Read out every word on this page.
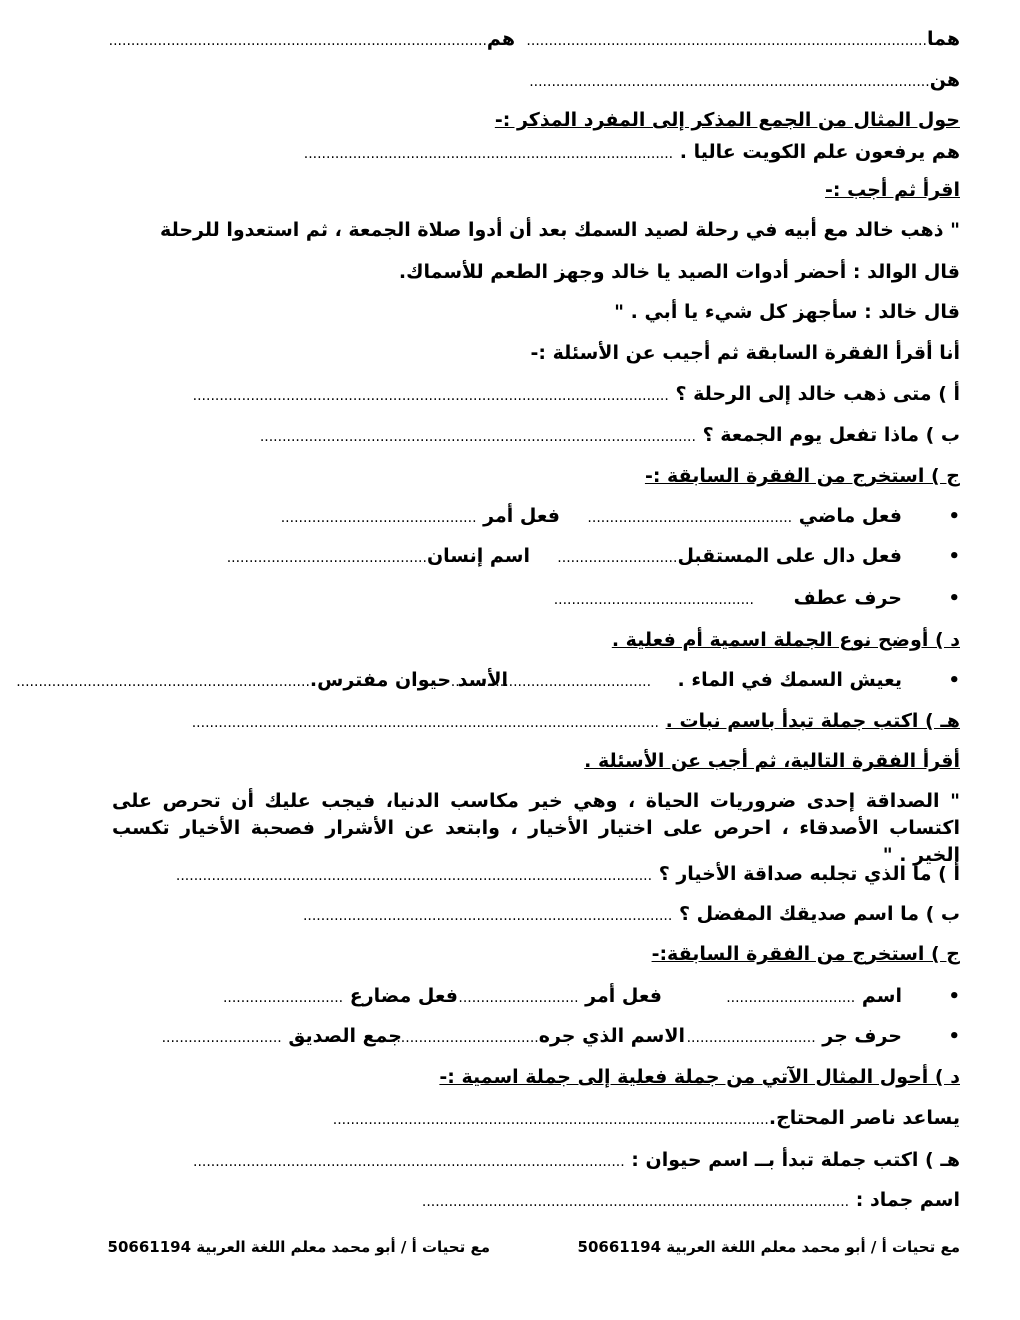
هما..........................................................................................
هم.....................................................................................
هن..........................................................................................
حول المثال من الجمع المذكر إلى المفرد المذكر :-
هم يرفعون علم الكويت عاليا . ...................................................................................
اقرأ ثم أجب :-
" ذهب خالد مع أبيه في رحلة لصيد السمك بعد أن أدوا صلاة الجمعة ، ثم استعدوا للرحلة
قال الوالد : أحضر أدوات الصيد يا خالد وجهز الطعم للأسماك.
قال خالد : سأجهز كل شيء يا أبي . "
أنا أقرأ الفقرة السابقة ثم أجيب عن الأسئلة :-
أ ) متى ذهب خالد إلى الرحلة ؟ ...........................................................................................................
ب ) ماذا تفعل يوم الجمعة ؟ ..................................................................................................
ج ) استخرج من الفقرة السابقة :-
•
فعل ماضي ..............................................
فعل أمر ............................................
•
فعل دال على المستقبل...........................
اسم إنسان.............................................
•
حرف عطف      .............................................
د ) أوضح نوع الجملة اسمية أم فعلية .
•
يعيش السمك في الماء .    .............................................
الأسد حيوان مفترس...................................................................
هـ ) اكتب جملة تبدأ باسم نبات . .........................................................................................................
أقرأ الفقرة التالية، ثم أجب عن الأسئلة .
" الصداقة إحدى ضروريات الحياة ، وهي خير مكاسب الدنيا، فيجب عليك أن تحرص على اكتساب الأصدقاء ، احرص على اختيار الأخيار ، وابتعد عن الأشرار فصحبة الأخيار تكسب الخير . "
أ ) ما الذي تجلبه صداقة الأخيار ؟ ...........................................................................................................
ب ) ما اسم صديقك المفضل ؟ ...................................................................................
ج ) استخرج من الفقرة السابقة:-
•
اسم .............................
فعل أمر ...........................
فعل مضارع ...........................
•
حرف جر .............................
الاسم الذي جره.................................
جمع الصديق ...........................
د ) أحول المثال الآتي من جملة فعلية إلى جملة اسمية :-
يساعد ناصر المحتاج...................................................................................................
هـ ) اكتب جملة تبدأ بــ اسم حيوان : .................................................................................................
اسم جماد : ................................................................................................
مع تحيات أ / أبو محمد معلم اللغة العربية 50661194
مع تحيات أ / أبو محمد معلم اللغة العربية 50661194
